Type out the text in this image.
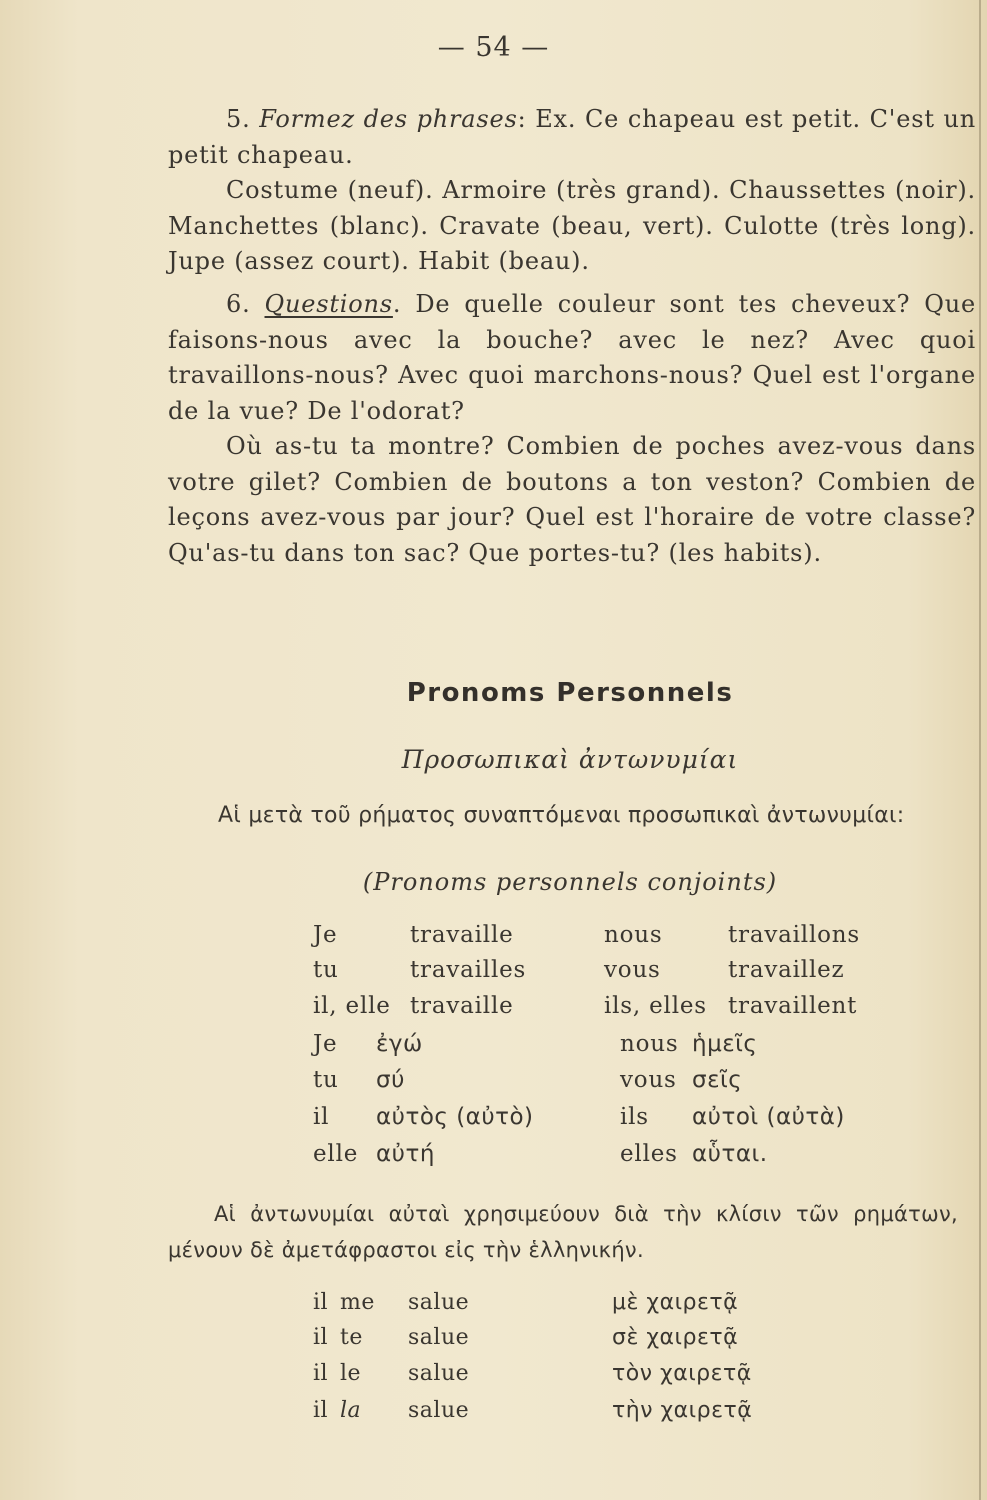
— 54 —

5. Formez des phrases: Ex. Ce chapeau est petit. C'est un petit chapeau.

Costume (neuf). Armoire (très grand). Chaussettes (noir). Manchettes (blanc). Cravate (beau, vert). Culotte (très long). Jupe (assez court). Habit (beau).

6. Questions. De quelle couleur sont tes cheveux? Que faisons-nous avec la bouche? avec le nez? Avec quoi travaillons-nous? Avec quoi marchons-nous? Quel est l'organe de la vue? De l'odorat?

Où as-tu ta montre? Combien de poches avez-vous dans votre gilet? Combien de boutons a ton veston? Combien de leçons avez-vous par jour? Quel est l'horaire de votre classe? Qu'as-tu dans ton sac? Que portes-tu? (les habits).

Pronoms Personnels
Προσωπικαὶ ἀντωνυμίαι
Αἱ μετὰ τοῦ ρήματος συναπτόμεναι προσωπικαὶ ἀντωνυμίαι:
(Pronoms personnels conjoints)
Je	travaille	nous	travaillons
tu	travailles	vous	travaillez
il, elle travaille	ils, elles travaillent
Je ἐγώ	nous ἡμεῖς
tu σύ	vous σεῖς
il αὐτὸς (αὐτὸ)	ils αὐτοὶ (αὐτὰ)
elle αὐτή	elles αὗται.

Αἱ ἀντωνυμίαι αὐταὶ χρησιμεύουν διὰ τὴν κλίσιν τῶν ρημάτων, μένουν δὲ ἀμετάφραστοι εἰς τὴν ἑλληνικήν.

il me salue	μὲ χαιρετᾷ
il te salue	σὲ χαιρετᾷ
il le salue	τὸν χαιρετᾷ
il la salue	τὴν χαιρετᾷ
